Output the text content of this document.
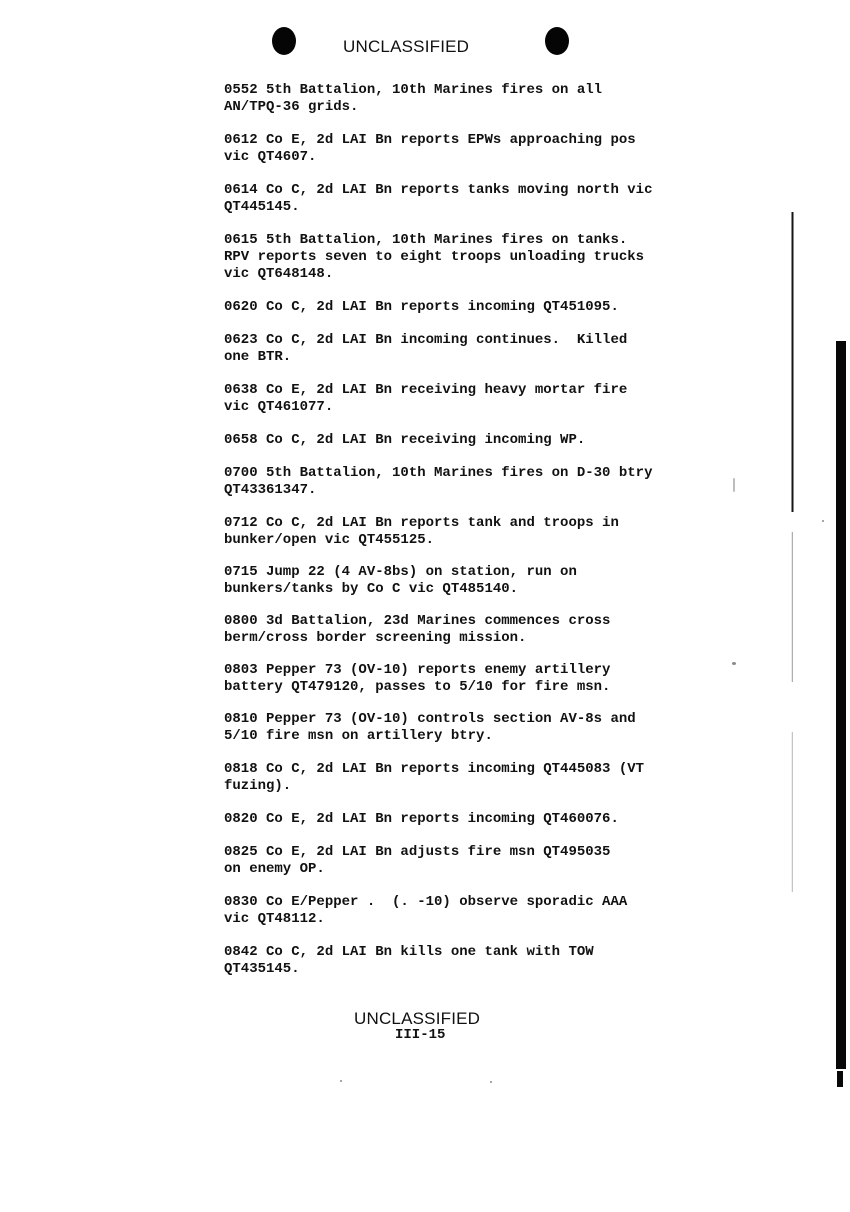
UNCLASSIFIED

0552 5th Battalion, 10th Marines fires on all
AN/TPQ-36 grids.

0612 Co E, 2d LAI Bn reports EPWs approaching pos
vic QT4607.

0614 Co C, 2d LAI Bn reports tanks moving north vic
QT445145.

0615 5th Battalion, 10th Marines fires on tanks.
RPV reports seven to eight troops unloading trucks
vic QT648148.

0620 Co C, 2d LAI Bn reports incoming QT451095.

0623 Co C, 2d LAI Bn incoming continues.  Killed
one BTR.

0638 Co E, 2d LAI Bn receiving heavy mortar fire
vic QT461077.

0658 Co C, 2d LAI Bn receiving incoming WP.

0700 5th Battalion, 10th Marines fires on D-30 btry
QT43361347.

0712 Co C, 2d LAI Bn reports tank and troops in
bunker/open vic QT455125.

0715 Jump 22 (4 AV-8bs) on station, run on
bunkers/tanks by Co C vic QT485140.

0800 3d Battalion, 23d Marines commences cross
berm/cross border screening mission.

0803 Pepper 73 (OV-10) reports enemy artillery
battery QT479120, passes to 5/10 for fire msn.

0810 Pepper 73 (OV-10) controls section AV-8s and
5/10 fire msn on artillery btry.

0818 Co C, 2d LAI Bn reports incoming QT445083 (VT
fuzing).

0820 Co E, 2d LAI Bn reports incoming QT460076.

0825 Co E, 2d LAI Bn adjusts fire msn QT495035
on enemy OP.

0830 Co E/Pepper .  (. -10) observe sporadic AAA
vic QT48112.

0842 Co C, 2d LAI Bn kills one tank with TOW
QT435145.

UNCLASSIFIED
III-15
